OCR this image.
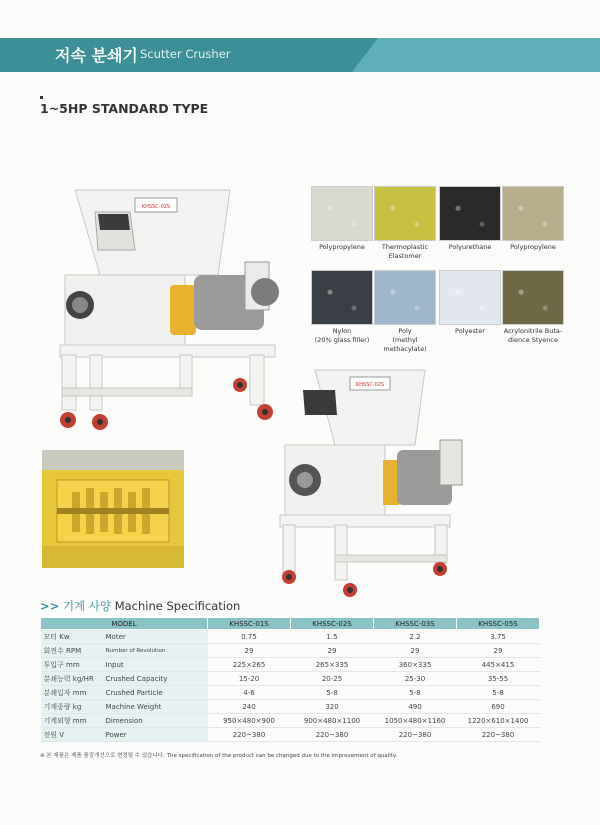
저속 분쇄기 Scutter Crusher
1~5HP STANDARD TYPE
Polypropylene	Thermoplastic
Elastomer
Polyurethane	Polypropylene
Nylon
(20% glass filler)
Poly
(methyl methacylate)
Polyester	Acrylonitrile Buta-
dience Styence
KHSSC-02S
KHSSC-02S
>> 기계 사양 Machine Specification
MODEL		KHSSC-01S	KHSSC-02S	KHSSC-03S	KHSSC-05S
모터 Kw	Moter	0.75	1.5	2.2	3.75
회전수 RPM	Number of Revolution	29	29	29	29
투입구 mm	Input	225×265	265×335	360×335	445×415
분쇄능력 kg/HR	Crushed Capacity	15-20	20-25	25-30	35-55
분쇄입자 mm	Crushed Particle	4-6	5-8	5-8	5-8
기계중량 kg	Machine Weight	240	320	490	690
기계외형 mm	Dimension	950×480×900	900×480×1100	1050×480×1160	1220×610×1400
전원 V	Power	220~380	220~380	220~380	220~380
※ 본 제품은 제품 품질개선으로 변경될 수 있습니다. The specification of the product can be changed due to the improvement of quality.
